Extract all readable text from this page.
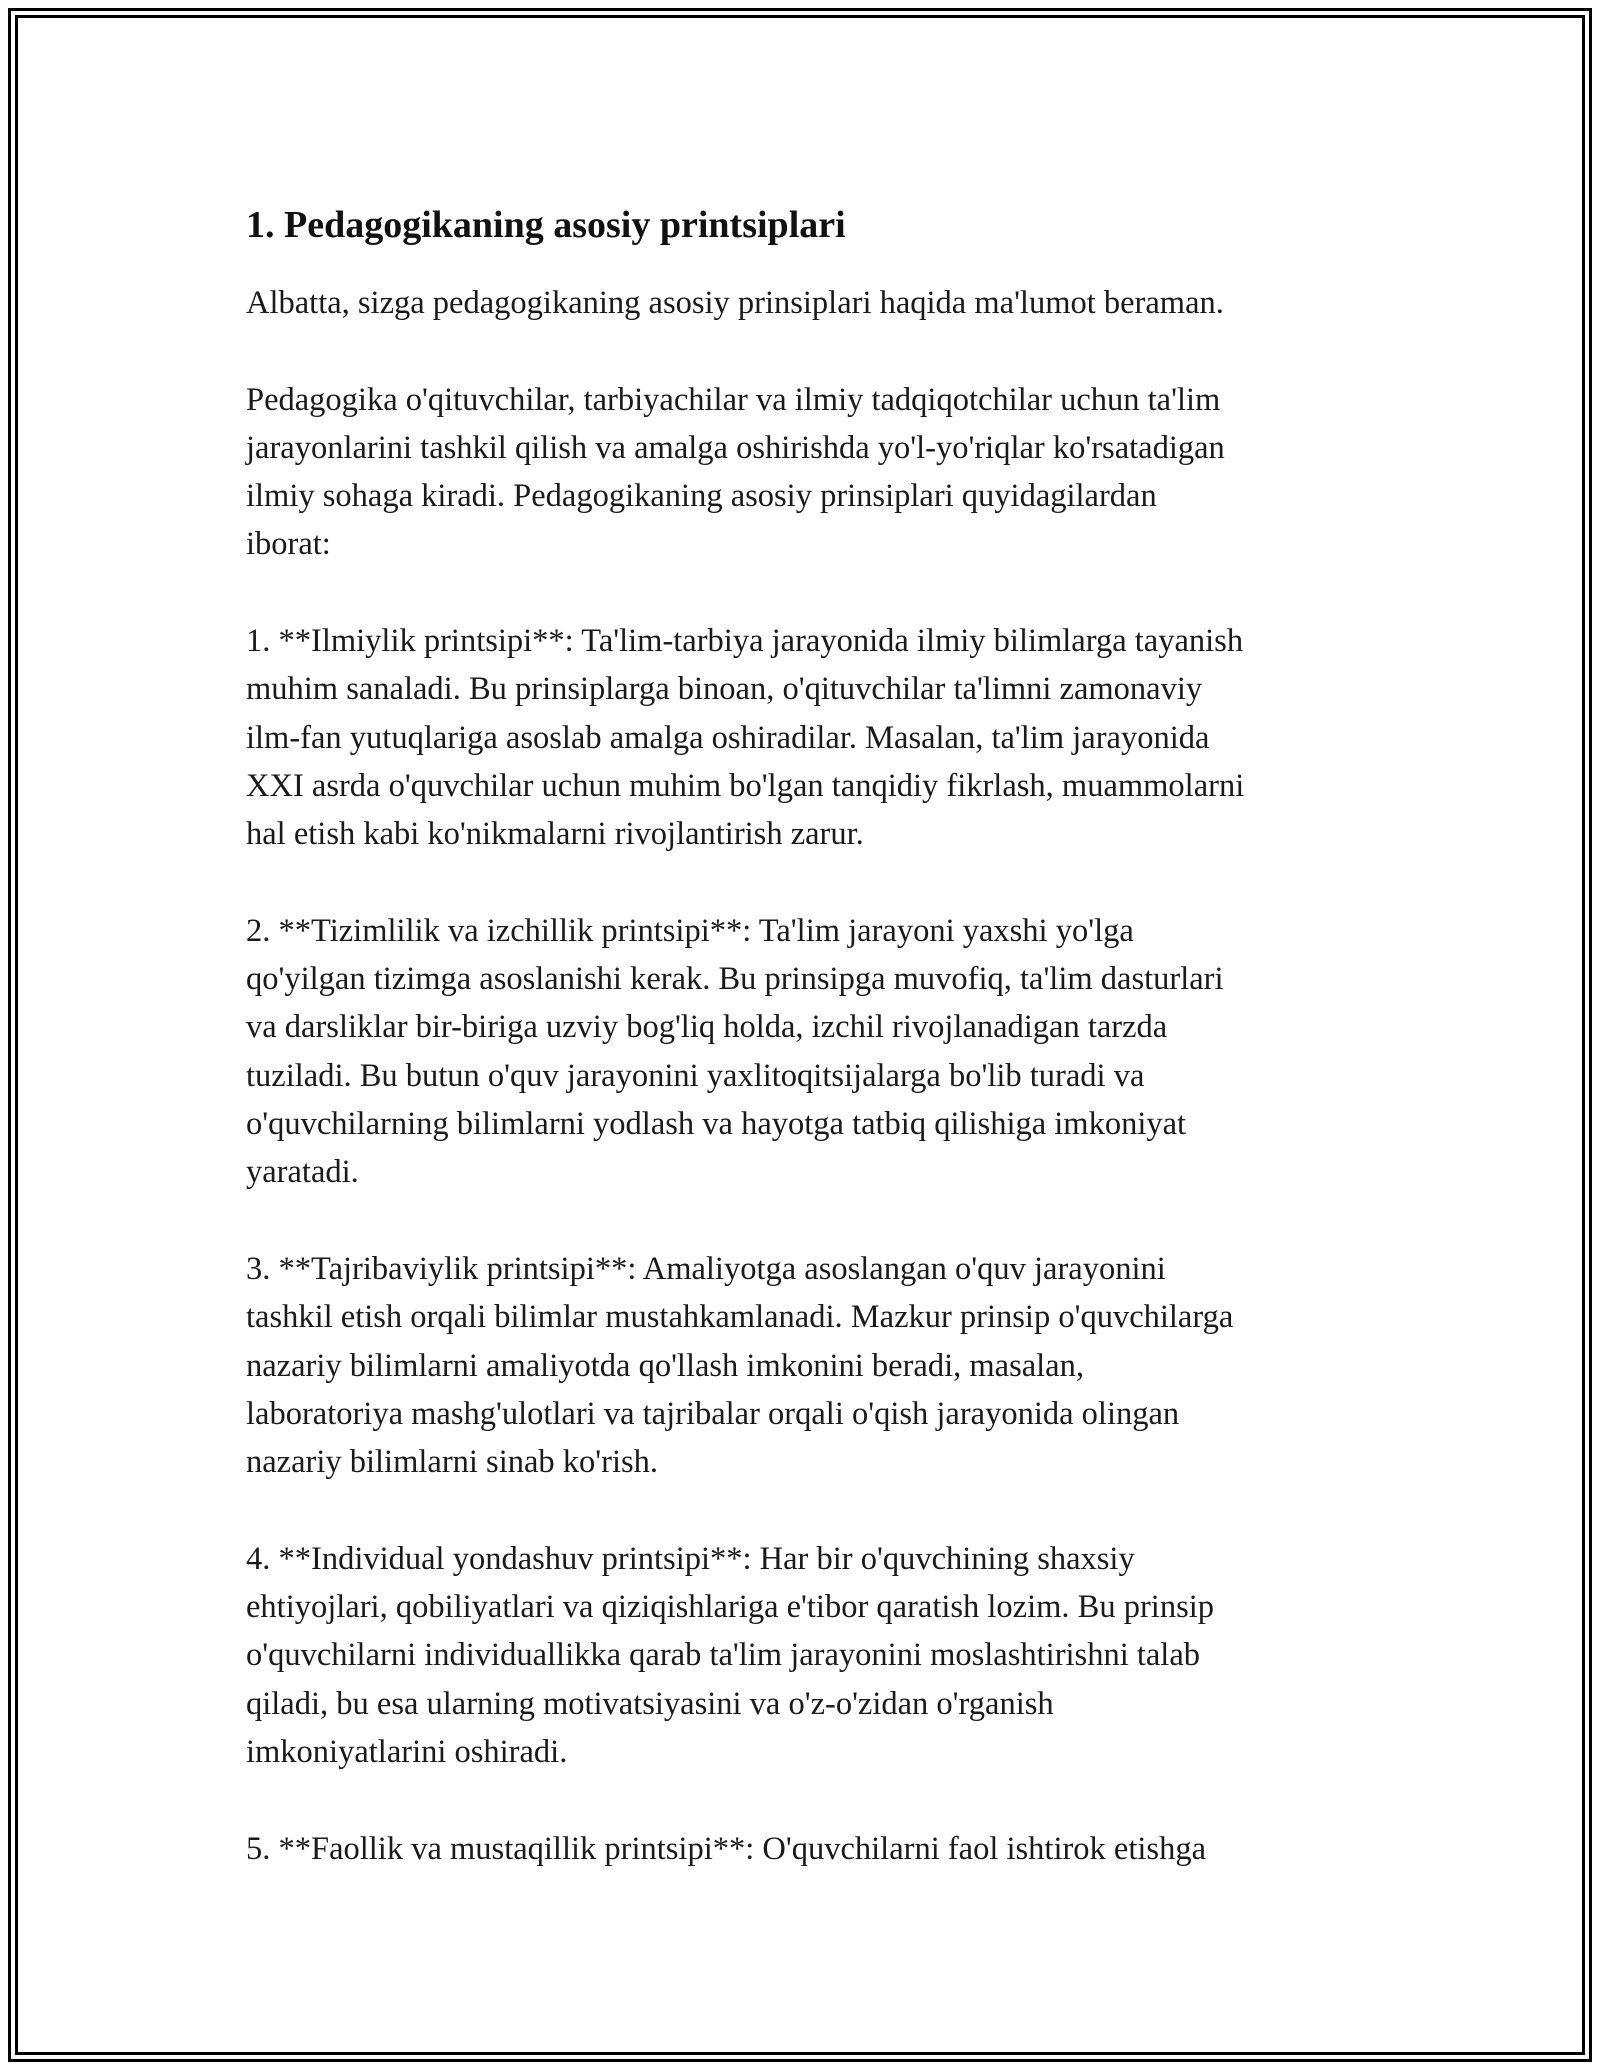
1. Pedagogikaning asosiy printsiplari
Albatta, sizga pedagogikaning asosiy prinsiplari haqida ma'lumot beraman.
Pedagogika o'qituvchilar, tarbiyachilar va ilmiy tadqiqotchilar uchun ta'lim
jarayonlarini tashkil qilish va amalga oshirishda yo'l-yo'riqlar ko'rsatadigan
ilmiy sohaga kiradi. Pedagogikaning asosiy prinsiplari quyidagilardan
iborat:
1. **Ilmiylik printsipi**: Ta'lim-tarbiya jarayonida ilmiy bilimlarga tayanish
muhim sanaladi. Bu prinsiplarga binoan, o'qituvchilar ta'limni zamonaviy
ilm-fan yutuqlariga asoslab amalga oshiradilar. Masalan, ta'lim jarayonida
XXI asrda o'quvchilar uchun muhim bo'lgan tanqidiy fikrlash, muammolarni
hal etish kabi ko'nikmalarni rivojlantirish zarur.
2. **Tizimlilik va izchillik printsipi**: Ta'lim jarayoni yaxshi yo'lga
qo'yilgan tizimga asoslanishi kerak. Bu prinsipga muvofiq, ta'lim dasturlari
va darsliklar bir-biriga uzviy bog'liq holda, izchil rivojlanadigan tarzda
tuziladi. Bu butun o'quv jarayonini yaxlitoqitsijalarga bo'lib turadi va
o'quvchilarning bilimlarni yodlash va hayotga tatbiq qilishiga imkoniyat
yaratadi.
3. **Tajribaviylik printsipi**: Amaliyotga asoslangan o'quv jarayonini
tashkil etish orqali bilimlar mustahkamlanadi. Mazkur prinsip o'quvchilarga
nazariy bilimlarni amaliyotda qo'llash imkonini beradi, masalan,
laboratoriya mashg'ulotlari va tajribalar orqali o'qish jarayonida olingan
nazariy bilimlarni sinab ko'rish.
4. **Individual yondashuv printsipi**: Har bir o'quvchining shaxsiy
ehtiyojlari, qobiliyatlari va qiziqishlariga e'tibor qaratish lozim. Bu prinsip
o'quvchilarni individuallikka qarab ta'lim jarayonini moslashtirishni talab
qiladi, bu esa ularning motivatsiyasini va o'z-o'zidan o'rganish
imkoniyatlarini oshiradi.
5. **Faollik va mustaqillik printsipi**: O'quvchilarni faol ishtirok etishga
